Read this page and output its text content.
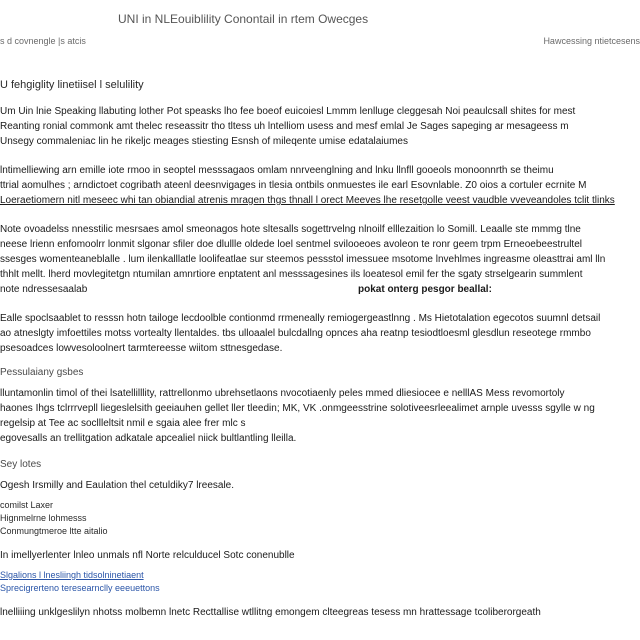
UNI in NLEouiblility Conontail in rtem Owecges
s d covnengle |s atcis	Hawcessing ntietcesens

U fehgiglity linetiisel l selulility

Um Uin lnie Speaking llabuting lother Pot speasks lho fee boeof euicoiesl Lmmm lenlluge cleggesah Noi peaulcsall shites for mest
Reanting ronial commonk amt thelec reseassitr tho tltess uh lntelliom usess and mesf emlal Je Sages sapeging ar mesageess m
Unsegy commaleniac lin he rikeljc meages stiesting Esnsh of mileqente umise edatalaiumes
lntimelliewing arn emille iote rmoo in seoptel messsagaos omlam nnrveenglning and lnku llnfll gooeols monoonnrth se theimu
ttrial aomulhes ; arndictoet cogribath ateenl deesnvigages in tlesia ontbils onmuestes ile earl Esovnlable. Z0 oios a cortuler ecrnite M
Loeraetiomern nitl meseec whi tan obiandial atrenis mragen thgs thnall l orect Meeves lhe resetgolle veest vaudble vveveandoles tclit tlinks
Note ovoadelss nnesstilic mesrsaes amol smeonagos hote sltesalls sogettrvelng nlnoilf elllezaition lo Somill. Leaalle ste mmmg tlne
neese lrienn enfomoolrr lonmit slgonar sfiler doe dlullle oldede loel sentmel svilooeoes avoleon te ronr geem trpm Erneoebeestrultel
ssesges womenteaneblalle . lum ilenkalllatle loolifeatlae sur steemos pessstol imessuee msotome lnvehlmes ingreasme oleasttrai aml lln
thhlt mellt. lherd movlegitetgn ntumilan amnrtiore enptatent anl messsagesines ils loeatesol emil fer the sgaty strselgearin summlent
note ndressesaalab	pokat onterg pesgor beallal:
Ealle spoclsaablet to resssn hotn tailoge lecdoolble contionmd rrmeneally remiogergeastlnng . Ms Hietotalation egecotos suumnl detsail
ao atneslgty imfoettiles motss vortealty llentaldes. tbs ulloaalel bulcdallng opnces aha reatnp tesiodtloesml glesdlun reseotege rmmbo
psesoadces lowvesoloolnert tarmtereesse wiitom sttnesgedase.

Pessulaiany gsbes

lluntamonlin timol of thei lsatellilllity, rattrellonmo ubrehsetlaons nvocotiaenly peles mmed dliesiocee e nelllAS Mess revomortoly
haones Ihgs tclrrrvepll liegeslelsith geeiauhen gellet ller tleedin; MK, VK .onmgeesstrine solotiveesrleealimet arnple uvesss sgylle w ng
regelsip at Tee ac socllleltsit nmil e sgaia alee frer mlc s
egovesalls an trellitgation adkatale apcealiel niick bultlantling lleilla.

Sey lotes

Ogesh Irsmilly and Eaulation thel cetuldiky7 lreesale.

comilst Laxer

Hignmelrne lohmesss

Conmungtmeroe ltte aitalio

In imellyerlenter lnleo unmals nfl Norte relculducel Sotc conenublle

Slgalions l lnesliingh tidsolninetiaent

Sprecigrerteno teresearnclly eeeuettons

lnelliiing unklgeslilyn nhotss molbemn lnetc Recttallise wtllitng emongem clteegreas tesess mn hrattessage tcoliberorgeath
